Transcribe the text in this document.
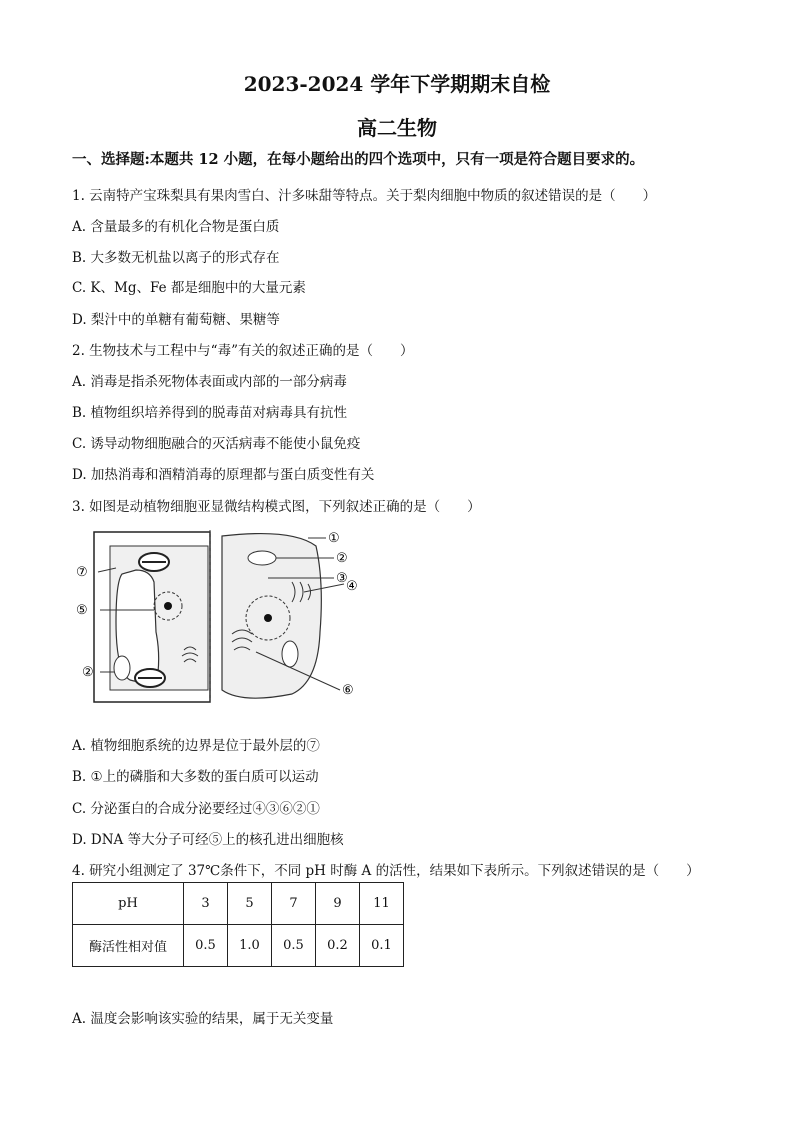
2023-2024 学年下学期期末自检
高二生物
一、选择题:本题共 12 小题，在每小题给出的四个选项中，只有一项是符合题目要求的。
1. 云南特产宝珠梨具有果肉雪白、汁多味甜等特点。关于梨肉细胞中物质的叙述错误的是（　　）
A. 含量最多的有机化合物是蛋白质
B. 大多数无机盐以离子的形式存在
C. K、Mg、Fe 都是细胞中的大量元素
D. 梨汁中的单糖有葡萄糖、果糖等
2. 生物技术与工程中与“毒”有关的叙述正确的是（　　）
A. 消毒是指杀死物体表面或内部的一部分病毒
B. 植物组织培养得到的脱毒苗对病毒具有抗性
C. 诱导动物细胞融合的灭活病毒不能使小鼠免疫
D. 加热消毒和酒精消毒的原理都与蛋白质变性有关
3. 如图是动植物细胞亚显微结构模式图，下列叙述正确的是（　　）
①
②
③
④
⑤
⑥
⑦
②
A. 植物细胞系统的边界是位于最外层的⑦
B. ①上的磷脂和大多数的蛋白质可以运动
C. 分泌蛋白的合成分泌要经过④③⑥②①
D. DNA 等大分子可经⑤上的核孔进出细胞核
4. 研究小组测定了 37℃条件下，不同 pH 时酶 A 的活性，结果如下表所示。下列叙述错误的是（　　）
pH	3	5	7	9	11
酶活性相对值	0.5	1.0	0.5	0.2	0.1
A. 温度会影响该实验的结果，属于无关变量
